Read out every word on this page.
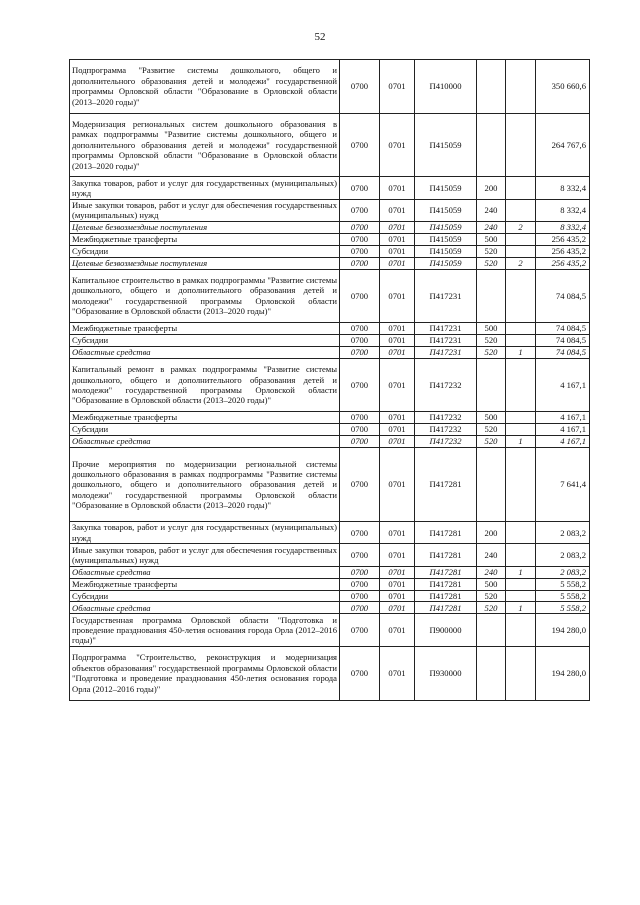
52
Подпрограмма "Развитие системы дошкольного, общего и дополнительного образования детей и молодежи" государственной программы Орловской области "Образование в Орловской области (2013–2020 годы)"	0700	0701	П410000			350 660,6
Модернизация региональных систем дошкольного образования в рамках подпрограммы "Развитие системы дошкольного, общего и дополнительного образования детей и молодежи" государственной программы Орловской области "Образование в Орловской области (2013–2020 годы)"	0700	0701	П415059			264 767,6
Закупка товаров, работ и услуг для государственных (муниципальных) нужд	0700	0701	П415059	200		8 332,4
Иные закупки товаров, работ и услуг для обеспечения государственных (муниципальных) нужд	0700	0701	П415059	240		8 332,4
Целевые безвозмездные поступления	0700	0701	П415059	240	2	8 332,4
Межбюджетные трансферты	0700	0701	П415059	500		256 435,2
Субсидии	0700	0701	П415059	520		256 435,2
Целевые безвозмездные поступления	0700	0701	П415059	520	2	256 435,2
Капитальное строительство в рамках подпрограммы "Развитие системы дошкольного, общего и дополнительного образования детей и молодежи" государственной программы Орловской области "Образование в Орловской области (2013–2020 годы)"	0700	0701	П417231			74 084,5
Межбюджетные трансферты	0700	0701	П417231	500		74 084,5
Субсидии	0700	0701	П417231	520		74 084,5
Областные средства	0700	0701	П417231	520	1	74 084,5
Капитальный ремонт в рамках подпрограммы "Развитие системы дошкольного, общего и дополнительного образования детей и молодежи" государственной программы Орловской области "Образование в Орловской области (2013–2020 годы)"	0700	0701	П417232			4 167,1
Межбюджетные трансферты	0700	0701	П417232	500		4 167,1
Субсидии	0700	0701	П417232	520		4 167,1
Областные средства	0700	0701	П417232	520	1	4 167,1
Прочие мероприятия по модернизации региональной системы дошкольного образования в рамках подпрограммы "Развитие системы дошкольного, общего и дополнительного образования детей и молодежи" государственной программы Орловской области "Образование в Орловской области (2013–2020 годы)"	0700	0701	П417281			7 641,4
Закупка товаров, работ и услуг для государственных (муниципальных) нужд	0700	0701	П417281	200		2 083,2
Иные закупки товаров, работ и услуг для обеспечения государственных (муниципальных) нужд	0700	0701	П417281	240		2 083,2
Областные средства	0700	0701	П417281	240	1	2 083,2
Межбюджетные трансферты	0700	0701	П417281	500		5 558,2
Субсидии	0700	0701	П417281	520		5 558,2
Областные средства	0700	0701	П417281	520	1	5 558,2
Государственная программа Орловской области "Подготовка и проведение празднования 450-летия основания города Орла (2012–2016 годы)"	0700	0701	П900000			194 280,0
Подпрограмма "Строительство, реконструкция и модернизация объектов образования" государственной программы Орловской области "Подготовка и проведение празднования 450-летия основания города Орла (2012–2016 годы)"	0700	0701	П930000			194 280,0
